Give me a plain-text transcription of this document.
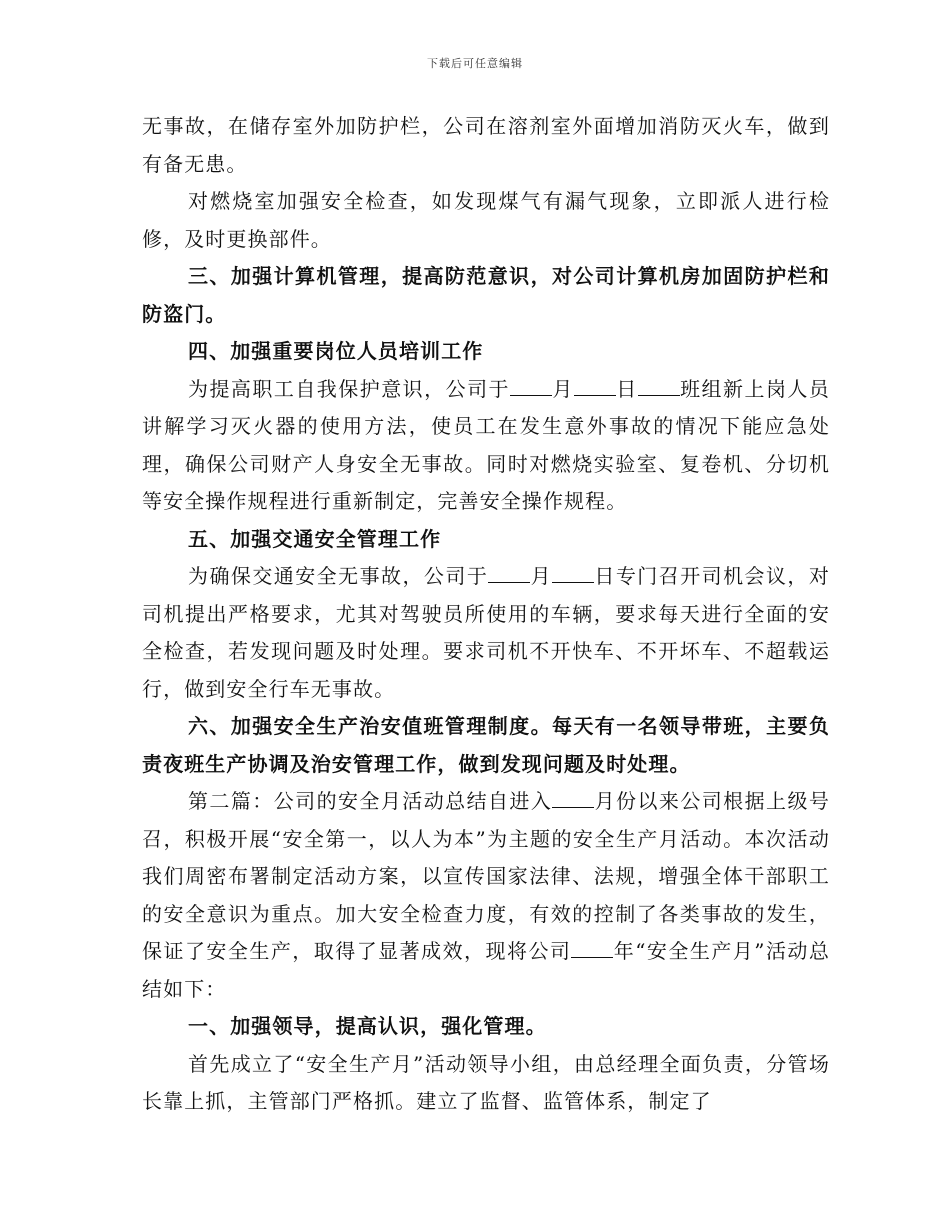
下载后可任意编辑

无事故，在储存室外加防护栏，公司在溶剂室外面增加消防灭火车，做到有备无患。

对燃烧室加强安全检查，如发现煤气有漏气现象，立即派人进行检修，及时更换部件。

三、加强计算机管理，提高防范意识，对公司计算机房加固防护栏和防盗门。

四、加强重要岗位人员培训工作

为提高职工自我保护意识，公司于 月 日 班组新上岗人员讲解学习灭火器的使用方法，使员工在发生意外事故的情况下能应急处理，确保公司财产人身安全无事故。同时对燃烧实验室、复卷机、分切机等安全操作规程进行重新制定，完善安全操作规程。

五、加强交通安全管理工作

为确保交通安全无事故，公司于 月 日专门召开司机会议，对司机提出严格要求，尤其对驾驶员所使用的车辆，要求每天进行全面的安全检查，若发现问题及时处理。要求司机不开快车、不开坏车、不超载运行，做到安全行车无事故。

六、加强安全生产治安值班管理制度。每天有一名领导带班，主要负责夜班生产协调及治安管理工作，做到发现问题及时处理。

第二篇：公司的安全月活动总结自进入 月份以来公司根据上级号召，积极开展“安全第一，以人为本”为主题的安全生产月活动。本次活动我们周密布署制定活动方案，以宣传国家法律、法规，增强全体干部职工的安全意识为重点。加大安全检查力度，有效的控制了各类事故的发生，保证了安全生产，取得了显著成效，现将公司 年“安全生产月”活动总结如下：

一、加强领导，提高认识，强化管理。

首先成立了“安全生产月”活动领导小组，由总经理全面负责，分管场长靠上抓，主管部门严格抓。建立了监督、监管体系，制定了
